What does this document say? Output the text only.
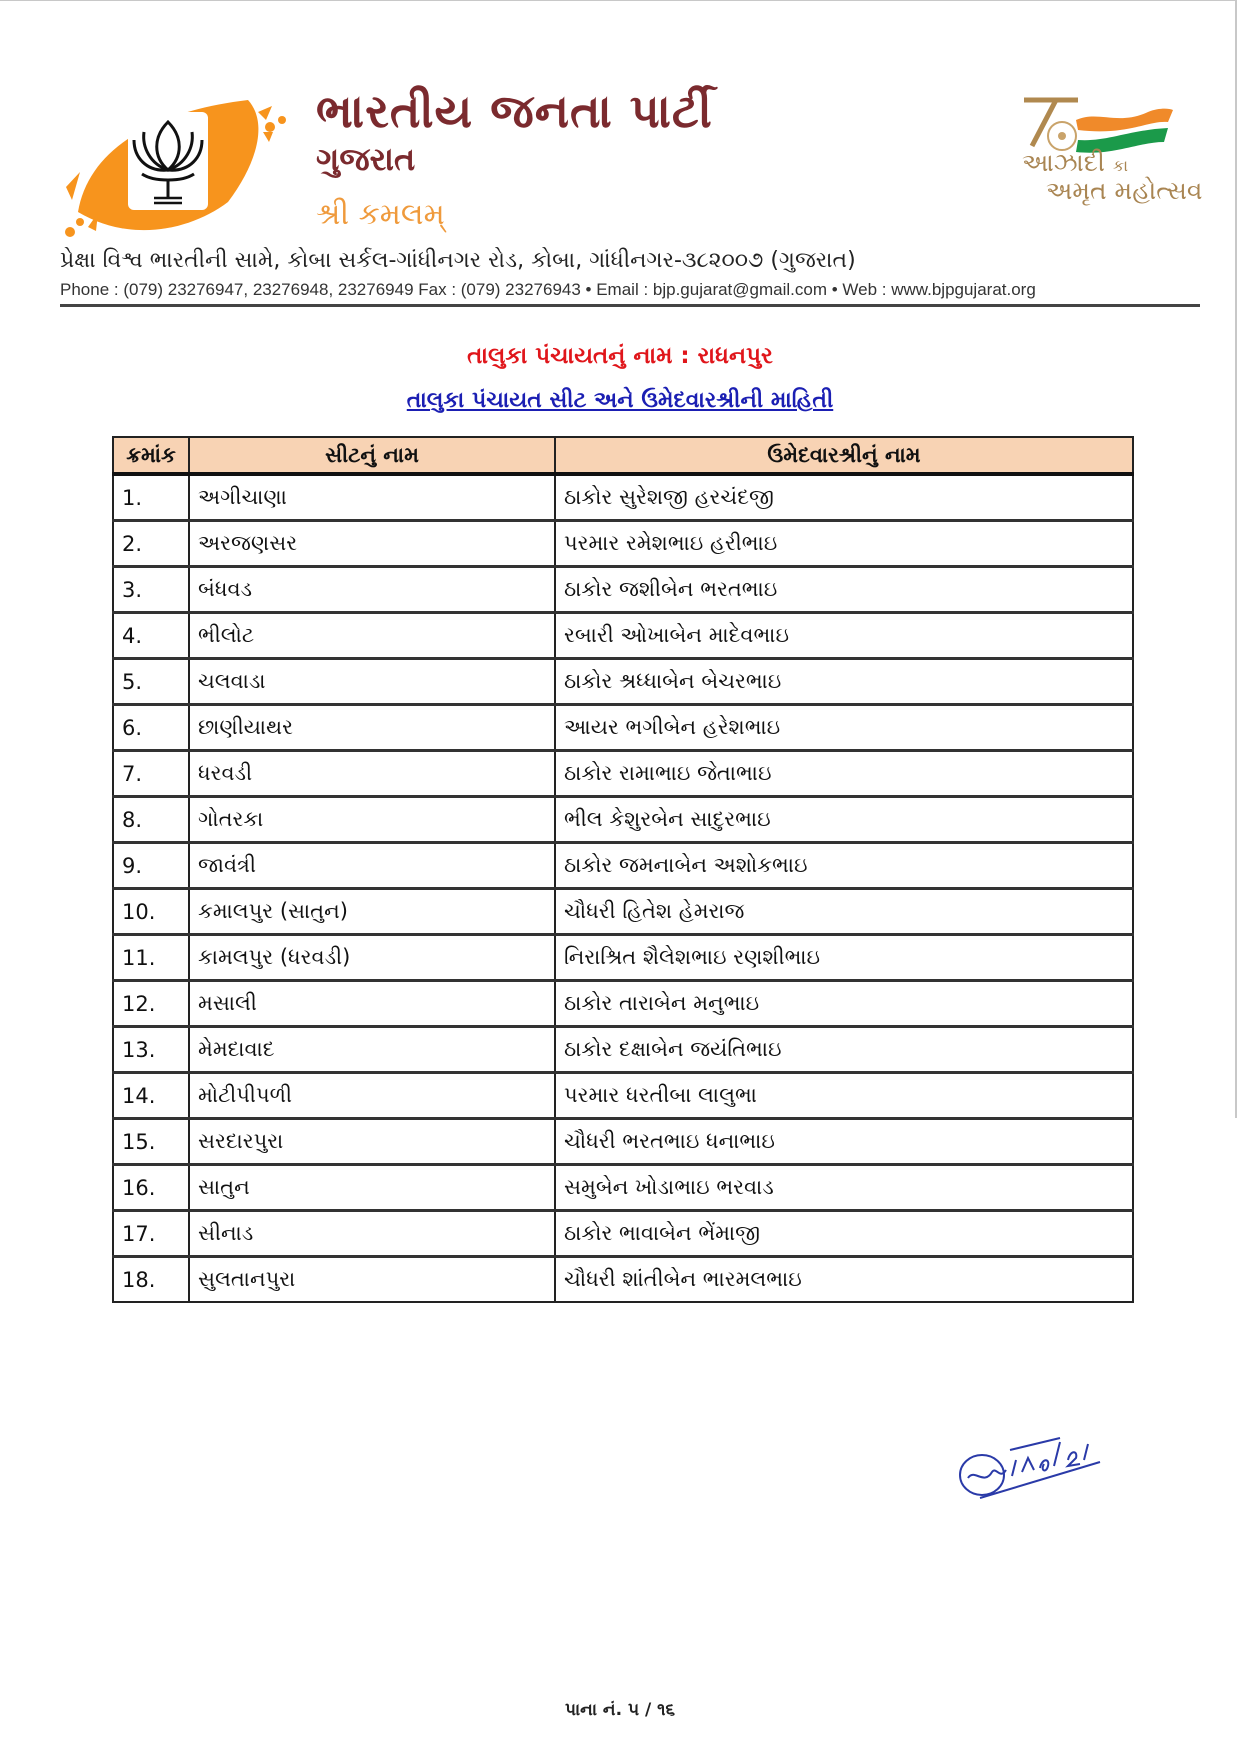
ભારતીય જનતા પાર્ટી
ગુજરાત
શ્રી કમલમ્
આઝાદી કા
અમૃત મહોત્સવ
પ્રેક્ષા વિશ્વ ભારતીની સામે, કોબા સર્કલ-ગાંધીનગર રોડ, કોબા, ગાંધીનગર-૩૮૨૦૦૭ (ગુજરાત)
Phone : (079) 23276947, 23276948, 23276949 Fax : (079) 23276943 • Email : bjp.gujarat@gmail.com • Web : www.bjpgujarat.org
તાલુકા પંચાયતનું નામ : રાધનપુર
તાલુકા પંચાયત સીટ અને ઉમેદવારશ્રીની માહિતી
ક્રમાંક	સીટનું નામ	ઉમેદવારશ્રીનું નામ
1.	અગીચાણા	ઠાકોર સુરેશજી હરચંદજી
2.	અરજણસર	પરમાર રમેશભાઇ હરીભાઇ
3.	બંધવડ	ઠાકોર જશીબેન ભરતભાઇ
4.	ભીલોટ	રબારી ઓખાબેન માદેવભાઇ
5.	ચલવાડા	ઠાકોર શ્રધ્ધાબેન બેચરભાઇ
6.	છાણીયાથર	આયર ભગીબેન હરેશભાઇ
7.	ધરવડી	ઠાકોર રામાભાઇ જેતાભાઇ
8.	ગોતરકા	ભીલ કેશુરબેન સાદુરભાઇ
9.	જાવંત્રી	ઠાકોર જમનાબેન અશોકભાઇ
10.	કમાલપુર (સાતુન)	ચૌધરી હિતેશ હેમરાજ
11.	કામલપુર (ધરવડી)	નિરાશ્રિત શૈલેશભાઇ રણશીભાઇ
12.	મસાલી	ઠાકોર તારાબેન મનુભાઇ
13.	મેમદાવાદ	ઠાકોર દક્ષાબેન જયંતિભાઇ
14.	મોટીપીપળી	પરમાર ધરતીબા લાલુભા
15.	સરદારપુરા	ચૌધરી ભરતભાઇ ધનાભાઇ
16.	સાતુન	સમુબેન ખોડાભાઇ ભરવાડ
17.	સીનાડ	ઠાકોર ભાવાબેન ભેંમાજી
18.	સુલતાનપુરા	ચૌધરી શાંતીબેન ભારમલભાઇ
પાના નં. ૫ / ૧૬
